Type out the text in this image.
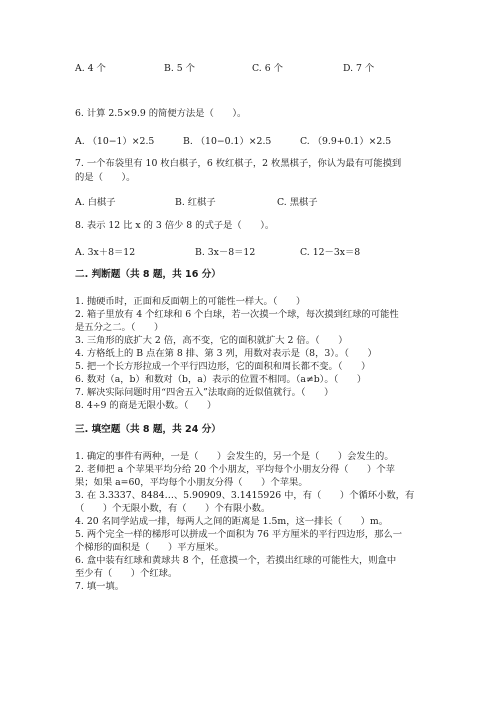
A. 4 个	B. 5 个	C. 6 个	D. 7 个
6. 计算 2.5×9.9 的简便方法是（　　）。
A. （10−1）×2.5	B. （10−0.1）×2.5	C. （9.9+0.1）×2.5
7. 一个布袋里有 10 枚白棋子，6 枚红棋子，2 枚黑棋子，你认为最有可能摸到
的是（　　）。
A. 白棋子	B. 红棋子	C. 黑棋子
8. 表示 12 比 x 的 3 倍少 8 的式子是（　　）。
A. 3x＋8＝12	B. 3x－8＝12	C. 12－3x＝8
二. 判断题（共 8 题，共 16 分）
1. 抛硬币时，正面和反面朝上的可能性一样大。（　　）
2. 箱子里放有 4 个红球和 6 个白球，若一次摸一个球，每次摸到红球的可能性
是五分之二。（　　）
3. 三角形的底扩大 2 倍，高不变，它的面积就扩大 2 倍。（　　）
4. 方格纸上的 B 点在第 8 排、第 3 列，用数对表示是（8，3）。（　　）
5. 把一个长方形拉成一个平行四边形，它的面积和周长都不变。（　　）
6. 数对（a，b）和数对（b，a）表示的位置不相同。（a≠b）。（　　）
7. 解决实际问题时用“四舍五入”法取商的近似值就行。（　　）
8. 4÷9 的商是无限小数。（　　）
三. 填空题（共 8 题，共 24 分）
1. 确定的事件有两种，一是（　　）会发生的，另一个是（　　）会发生的。
2. 老师把 a 个苹果平均分给 20 个小朋友，平均每个小朋友分得（　　）个苹
果；如果 a=60，平均每个小朋友分得（　　）个苹果。
3. 在 3.3337、8484…、5.90909、3.1415926 中，有（　　）个循环小数，有
（　　）个无限小数，有（　　）个有限小数。
4. 20 名同学站成一排，每两人之间的距离是 1.5m，这一排长（　　）m。
5. 两个完全一样的梯形可以拼成一个面积为 76 平方厘米的平行四边形，那么一
个梯形的面积是（　　）平方厘米。
6. 盒中装有红球和黄球共 8 个，任意摸一个，若摸出红球的可能性大，则盒中
至少有（　　）个红球。
7. 填一填。
